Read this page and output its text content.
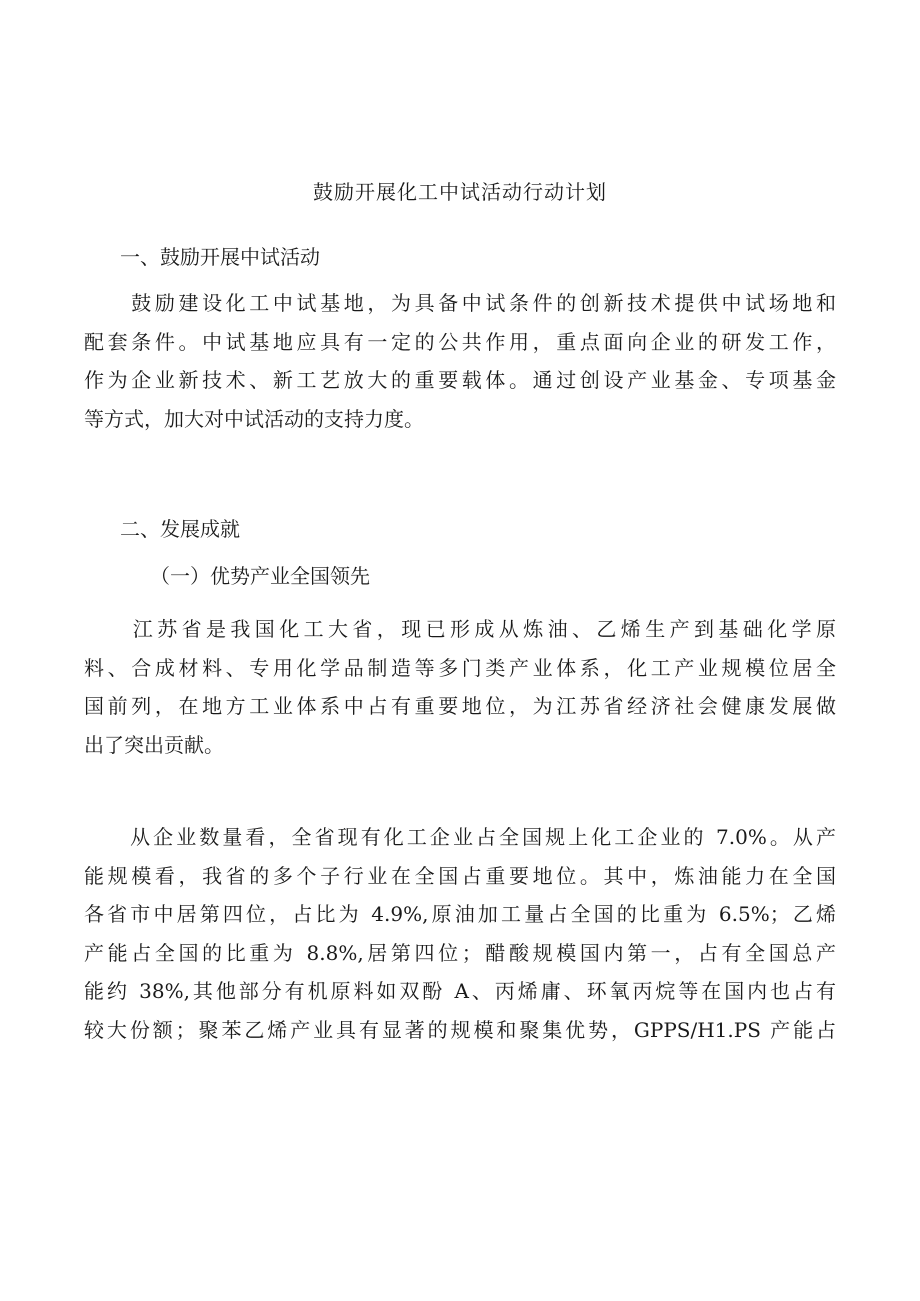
鼓励开展化工中试活动行动计划
一、鼓励开展中试活动
　　鼓励建设化工中试基地，为具备中试条件的创新技术提供中试场地和
配套条件。中试基地应具有一定的公共作用，重点面向企业的研发工作，
作为企业新技术、新工艺放大的重要载体。通过创设产业基金、专项基金
等方式，加大对中试活动的支持力度。
二、发展成就
（一）优势产业全国领先
　　江苏省是我国化工大省，现已形成从炼油、乙烯生产到基础化学原
料、合成材料、专用化学品制造等多门类产业体系，化工产业规模位居全
国前列，在地方工业体系中占有重要地位，为江苏省经济社会健康发展做
出了突出贡献。
　　从企业数量看，全省现有化工企业占全国规上化工企业的 7.0%。从产
能规模看，我省的多个子行业在全国占重要地位。其中，炼油能力在全国
各省市中居第四位，占比为 4.9%,原油加工量占全国的比重为 6.5%；乙烯
产能占全国的比重为 8.8%,居第四位；醋酸规模国内第一，占有全国总产
能约 38%,其他部分有机原料如双酚 A、丙烯庸、环氧丙烷等在国内也占有
较大份额；聚苯乙烯产业具有显著的规模和聚集优势，GPPS/H1.PS 产能占
